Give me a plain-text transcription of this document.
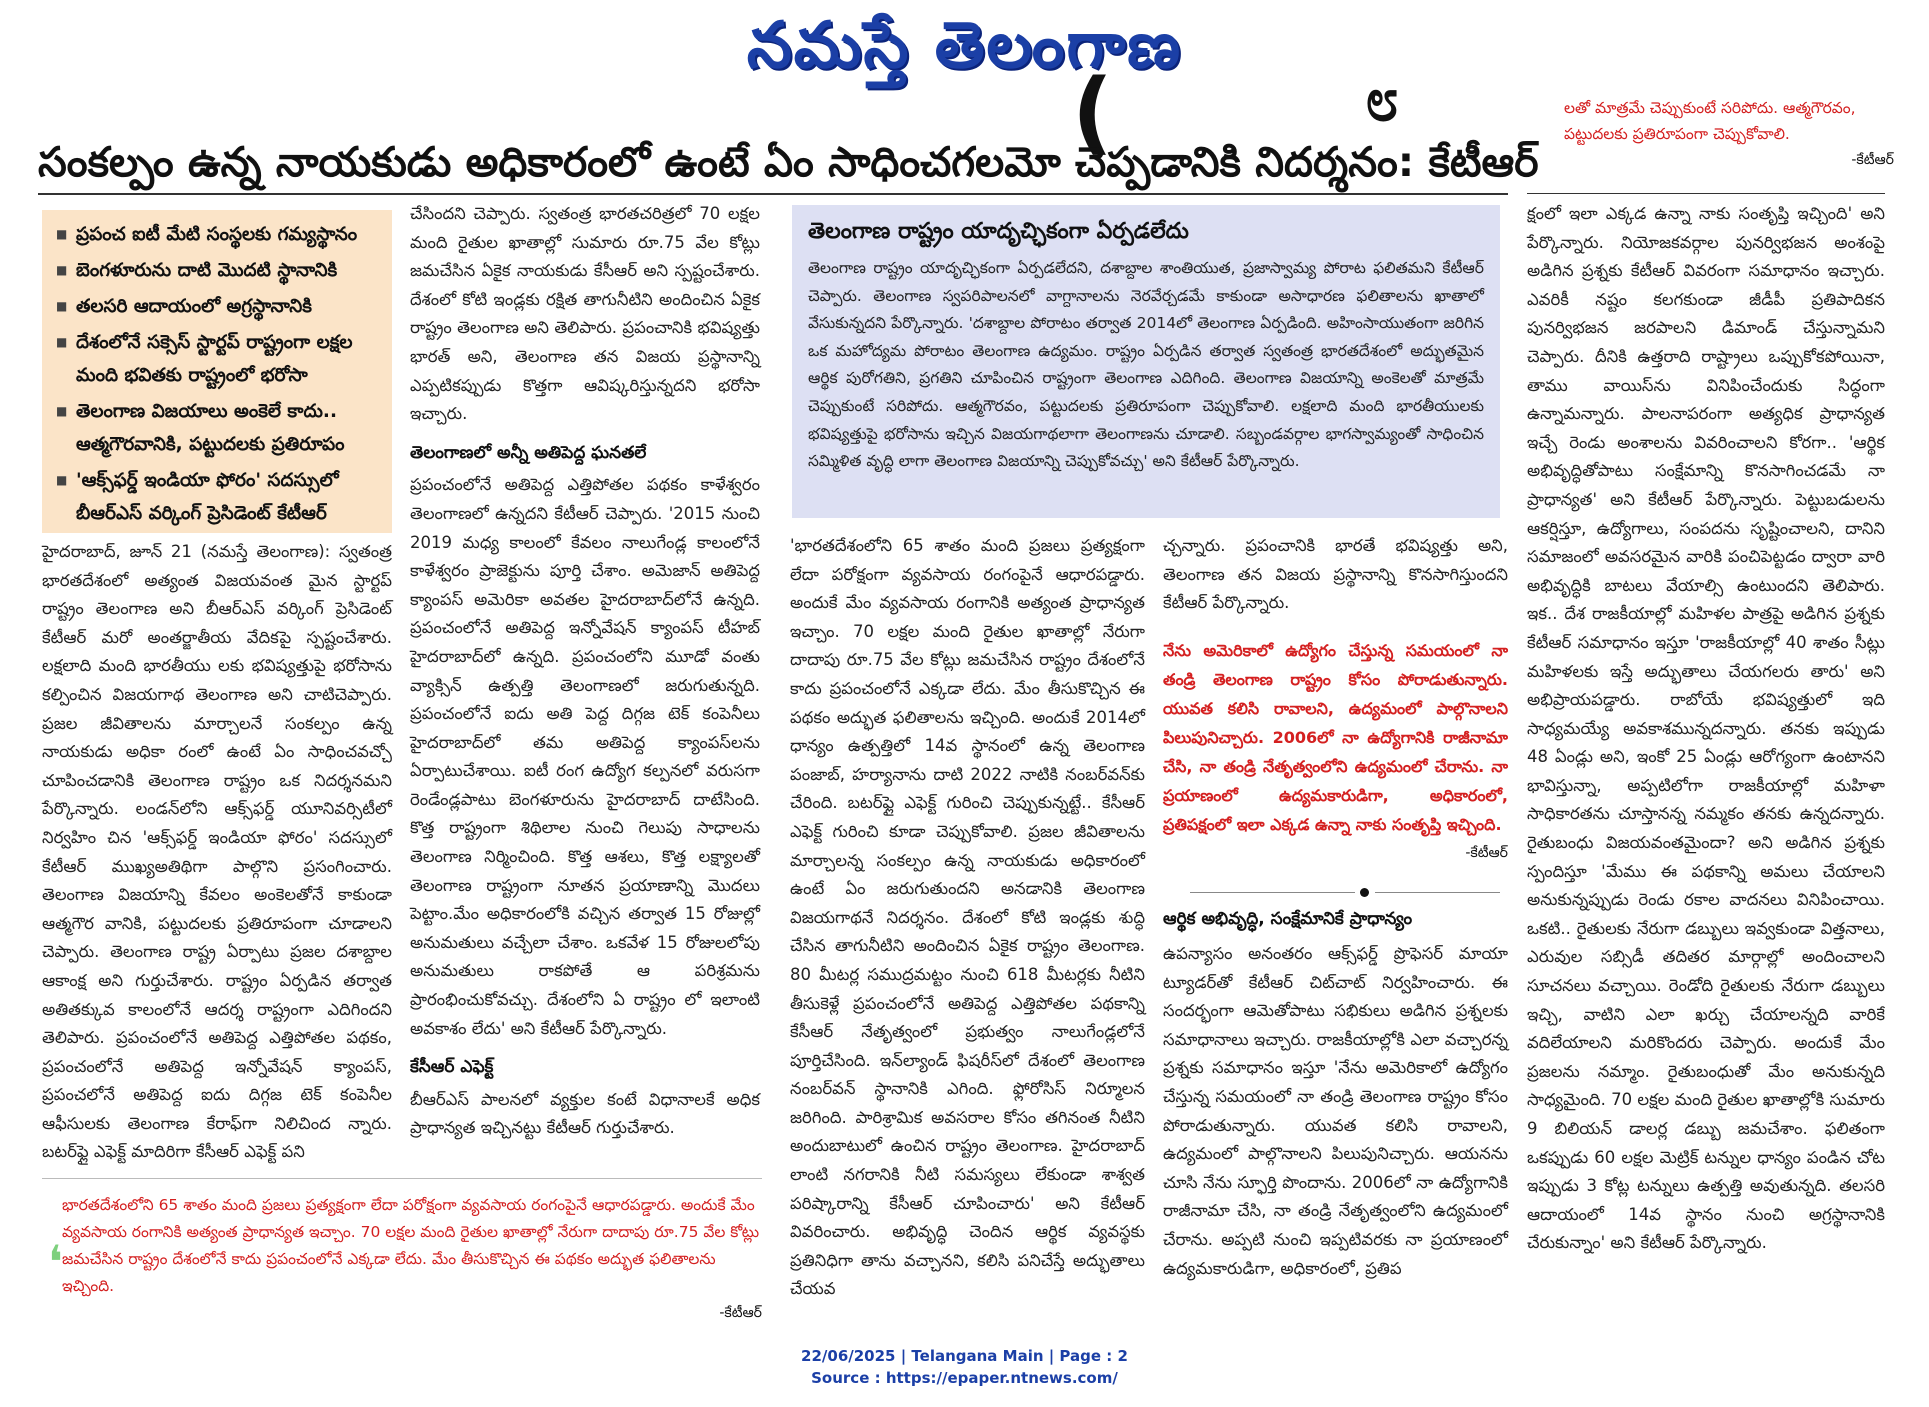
నమస్తే తెలంగాణ
(	೮
సంకల్పం ఉన్న నాయకుడు అధికారంలో ఉంటే ఏం సాధించగలమో చెప్పడానికి నిదర్శనం: కేటీఆర్
లతో మాత్రమే చెప్పుకుంటే సరిపోదు. ఆత్మగౌరవం, పట్టుదలకు ప్రతిరూపంగా చెప్పుకోవాలి.
-కేటీఆర్
■ ప్రపంచ ఐటీ మేటి సంస్థలకు గమ్యస్థానం
■ బెంగళూరును దాటి మొదటి స్థానానికి
■ తలసరి ఆదాయంలో అగ్రస్థానానికి
■ దేశంలోనే సక్సెస్ స్టార్టప్ రాష్ట్రంగా లక్షల మంది భవితకు రాష్ట్రంలో భరోసా
■ తెలంగాణ విజయాలు అంకెలే కాదు.. ఆత్మగౌరవానికి, పట్టుదలకు ప్రతిరూపం
■ 'ఆక్స్‌ఫర్డ్ ఇండియా ఫోరం' సదస్సులో బీఆర్‌ఎస్ వర్కింగ్ ప్రెసిడెంట్ కేటీఆర్
హైదరాబాద్, జూన్ 21 (నమస్తే తెలంగాణ): స్వతంత్ర భారతదేశంలో అత్యంత విజయవంత మైన స్టార్టప్ రాష్ట్రం తెలంగాణ అని బీఆర్‌ఎస్ వర్కింగ్ ప్రెసిడెంట్ కేటీఆర్ మరో అంతర్జాతీయ వేదికపై స్పష్టంచేశారు. లక్షలాది మంది భారతీయు లకు భవిష్యత్తుపై భరోసాను కల్పించిన విజయగాథ తెలంగాణ అని చాటిచెప్పారు. ప్రజల జీవితాలను మార్చాలనే సంకల్పం ఉన్న నాయకుడు అధికా రంలో ఉంటే ఏం సాధించవచ్చో చూపించడానికి తెలంగాణ రాష్ట్రం ఒక నిదర్శనమని పేర్కొన్నారు. లండన్‌లోని ఆక్స్‌ఫర్డ్ యూనివర్సిటీలో నిర్వహిం చిన 'ఆక్స్‌ఫర్డ్ ఇండియా ఫోరం' సదస్సులో కేటీఆర్ ముఖ్యఅతిథిగా పాల్గొని ప్రసంగించారు. తెలంగాణ విజయాన్ని కేవలం అంకెలతోనే కాకుండా ఆత్మగౌర వానికి, పట్టుదలకు ప్రతిరూపంగా చూడాలని చెప్పారు. తెలంగాణ రాష్ట్ర ఏర్పాటు ప్రజల దశాబ్దాల ఆకాంక్ష అని గుర్తుచేశారు. రాష్ట్రం ఏర్పడిన తర్వాత అతితక్కువ కాలంలోనే ఆదర్శ రాష్ట్రంగా ఎదిగిందని తెలిపారు. ప్రపంచంలోనే అతిపెద్ద ఎత్తిపోతల పథకం, ప్రపంచంలోనే అతిపెద్ద ఇన్నోవేషన్ క్యాంపస్, ప్రపంచలోనే అతిపెద్ద ఐదు దిగ్గజ టెక్ కంపెనీల ఆఫీసులకు తెలంగాణ కేరాఫ్‌గా నిలిచింద న్నారు. బటర్‌ఫ్లై ఎఫెక్ట్ మాదిరిగా కేసీఆర్ ఎఫెక్ట్ పని
చేసిందని చెప్పారు. స్వతంత్ర భారతచరిత్రలో 70 లక్షల మంది రైతుల ఖాతాల్లో సుమారు రూ.75 వేల కోట్లు జమచేసిన ఏకైక నాయకుడు కేసీఆర్ అని స్పష్టంచేశారు. దేశంలో కోటి ఇండ్లకు రక్షిత తాగునీటిని అందించిన ఏకైక రాష్ట్రం తెలంగాణ అని తెలిపారు. ప్రపంచానికి భవిష్యత్తు భారత్ అని, తెలంగాణ తన విజయ ప్రస్థానాన్ని ఎప్పటికప్పుడు కొత్తగా ఆవిష్కరిస్తున్నదని భరోసా ఇచ్చారు.
తెలంగాణలో అన్నీ అతిపెద్ద ఘనతలే
ప్రపంచంలోనే అతిపెద్ద ఎత్తిపోతల పథకం కాళేశ్వరం తెలంగాణలో ఉన్నదని కేటీఆర్ చెప్పారు. '2015 నుంచి 2019 మధ్య కాలంలో కేవలం నాలుగేండ్ల కాలంలోనే కాళేశ్వరం ప్రాజెక్టును పూర్తి చేశాం. అమెజాన్ అతిపెద్ద క్యాంపస్ అమెరికా అవతల హైదరాబాద్‌లోనే ఉన్నది. ప్రపంచంలోనే అతిపెద్ద ఇన్నోవేషన్ క్యాంపస్ టీహబ్ హైదరాబాద్‌లో ఉన్నది. ప్రపంచంలోని మూడో వంతు వ్యాక్సిన్ ఉత్పత్తి తెలంగాణలో జరుగుతున్నది. ప్రపంచంలోనే ఐదు అతి పెద్ద దిగ్గజ టెక్ కంపెనీలు హైదరాబాద్‌లో తమ అతిపెద్ద క్యాంపస్‌లను ఏర్పాటుచేశాయి. ఐటీ రంగ ఉద్యోగ కల్పనలో వరుసగా రెండేండ్లపాటు బెంగళూరును హైదరాబాద్ దాటేసింది. కొత్త రాష్ట్రంగా శిథిలాల నుంచి గెలుపు సాధాలను తెలంగాణ నిర్మించింది. కొత్త ఆశలు, కొత్త లక్ష్యాలతో తెలంగాణ రాష్ట్రంగా నూతన ప్రయాణాన్ని మొదలు పెట్టాం.మేం అధికారంలోకి వచ్చిన తర్వాత 15 రోజుల్లో అనుమతులు వచ్చేలా చేశాం. ఒకవేళ 15 రోజులలోపు అనుమతులు రాకపోతే ఆ పరిశ్రమను ప్రారంభించుకోవచ్చు. దేశంలోని ఏ రాష్ట్రం లో ఇలాంటి అవకాశం లేదు' అని కేటీఆర్ పేర్కొన్నారు.
కేసీఆర్ ఎఫెక్ట్
బీఆర్‌ఎస్ పాలనలో వ్యక్తుల కంటే విధానాలకే అధిక ప్రాధాన్యత ఇచ్చినట్టు కేటీఆర్ గుర్తుచేశారు.
తెలంగాణ రాష్ట్రం యాదృచ్ఛికంగా ఏర్పడలేదు
తెలంగాణ రాష్ట్రం యాదృచ్ఛికంగా ఏర్పడలేదని, దశాబ్దాల శాంతియుత, ప్రజాస్వామ్య పోరాట ఫలితమని కేటీఆర్ చెప్పారు. తెలంగాణ స్వపరిపాలనలో వాగ్దానాలను నెరవేర్చడమే కాకుండా అసాధారణ ఫలితాలను ఖాతాలో వేసుకున్నదని పేర్కొన్నారు. 'దశాబ్దాల పోరాటం తర్వాత 2014లో తెలంగాణ ఏర్పడింది. అహింసాయుతంగా జరిగిన ఒక మహోద్యమ పోరాటం తెలంగాణ ఉద్యమం. రాష్ట్రం ఏర్పడిన తర్వాత స్వతంత్ర భారతదేశంలో అద్భుతమైన ఆర్థిక పురోగతిని, ప్రగతిని చూపించిన రాష్ట్రంగా తెలంగాణ ఎదిగింది. తెలంగాణ విజయాన్ని అంకెలతో మాత్రమే చెప్పుకుంటే సరిపోదు. ఆత్మగౌరవం, పట్టుదలకు ప్రతిరూపంగా చెప్పుకోవాలి. లక్షలాది మంది భారతీయులకు భవిష్యత్తుపై భరోసాను ఇచ్చిన విజయగాథలాగా తెలంగాణను చూడాలి. సబ్బండవర్గాల భాగస్వామ్యంతో సాధించిన సమ్మిళిత వృద్ధి లాగా తెలంగాణ విజయాన్ని చెప్పుకోవచ్చు' అని కేటీఆర్ పేర్కొన్నారు.
'భారతదేశంలోని 65 శాతం మంది ప్రజలు ప్రత్యక్షంగా లేదా పరోక్షంగా వ్యవసాయ రంగంపైనే ఆధారపడ్డారు. అందుకే మేం వ్యవసాయ రంగానికి అత్యంత ప్రాధాన్యత ఇచ్చాం. 70 లక్షల మంది రైతుల ఖాతాల్లో నేరుగా దాదాపు రూ.75 వేల కోట్లు జమచేసిన రాష్ట్రం దేశంలోనే కాదు ప్రపంచంలోనే ఎక్కడా లేదు. మేం తీసుకొచ్చిన ఈ పథకం అద్భుత ఫలితాలను ఇచ్చింది. అందుకే 2014లో ధాన్యం ఉత్పత్తిలో 14వ స్థానంలో ఉన్న తెలంగాణ పంజాబ్, హర్యానాను దాటి 2022 నాటికి నంబర్‌వన్‌కు చేరింది. బటర్‌ఫ్లై ఎఫెక్ట్ గురించి చెప్పుకున్నట్టే.. కేసీఆర్ ఎఫెక్ట్ గురించి కూడా చెప్పుకోవాలి. ప్రజల జీవితాలను మార్చాలన్న సంకల్పం ఉన్న నాయకుడు అధికారంలో ఉంటే ఏం జరుగుతుందని అనడానికి తెలంగాణ విజయగాథనే నిదర్శనం. దేశంలో కోటి ఇండ్లకు శుద్ధి చేసిన తాగునీటిని అందించిన ఏకైక రాష్ట్రం తెలంగాణ. 80 మీటర్ల సముద్రమట్టం నుంచి 618 మీటర్లకు నీటిని తీసుకెళ్లే ప్రపంచంలోనే అతిపెద్ద ఎత్తిపోతల పథకాన్ని కేసీఆర్ నేతృత్వంలో ప్రభుత్వం నాలుగేండ్లలోనే పూర్తిచేసింది. ఇన్‌ల్యాండ్ ఫిషరీస్‌లో దేశంలో తెలంగాణ నంబర్‌వన్ స్థానానికి ఎగింది. ఫ్లోరోసిస్ నిర్మూలన జరిగింది. పారిశ్రామిక అవసరాల కోసం తగినంత నీటిని అందుబాటులో ఉంచిన రాష్ట్రం తెలంగాణ. హైదరాబాద్ లాంటి నగరానికి నీటి సమస్యలు లేకుండా శాశ్వత పరిష్కారాన్ని కేసీఆర్ చూపించారు' అని కేటీఆర్ వివరించారు. అభివృద్ధి చెందిన ఆర్థిక వ్యవస్థకు ప్రతినిధిగా తాను వచ్చానని, కలిసి పనిచేస్తే అద్భుతాలు చేయవ
చ్చన్నారు. ప్రపంచానికి భారతే భవిష్యత్తు అని, తెలంగాణ తన విజయ ప్రస్థానాన్ని కొనసాగిస్తుందని కేటీఆర్ పేర్కొన్నారు.
నేను అమెరికాలో ఉద్యోగం చేస్తున్న సమయంలో నా తండ్రి తెలంగాణ రాష్ట్రం కోసం పోరాడుతున్నారు. యువత కలిసి రావాలని, ఉద్యమంలో పాల్గొనాలని పిలుపునిచ్చారు. 2006లో నా ఉద్యోగానికి రాజీనామా చేసి, నా తండ్రి నేతృత్వంలోని ఉద్యమంలో చేరాను. నా ప్రయాణంలో ఉద్యమకారుడిగా, అధికారంలో, ప్రతిపక్షంలో ఇలా ఎక్కడ ఉన్నా నాకు సంతృప్తి ఇచ్చింది.
-కేటీఆర్
ఆర్థిక అభివృద్ధి, సంక్షేమానికే ప్రాధాన్యం
ఉపన్యాసం అనంతరం ఆక్స్‌ఫర్డ్ ప్రొఫెసర్ మాయా ట్యూడర్‌తో కేటీఆర్ చిట్‌చాట్ నిర్వహించారు. ఈ సందర్భంగా ఆమెతోపాటు సభికులు అడిగిన ప్రశ్నలకు సమాధానాలు ఇచ్చారు. రాజకీయాల్లోకి ఎలా వచ్చారన్న ప్రశ్నకు సమాధానం ఇస్తూ 'నేను అమెరికాలో ఉద్యోగం చేస్తున్న సమయంలో నా తండ్రి తెలంగాణ రాష్ట్రం కోసం పోరాడుతున్నారు. యువత కలిసి రావాలని, ఉద్యమంలో పాల్గొనాలని పిలుపునిచ్చారు. ఆయనను చూసి నేను స్ఫూర్తి పొందాను. 2006లో నా ఉద్యోగానికి రాజీనామా చేసి, నా తండ్రి నేతృత్వంలోని ఉద్యమంలో చేరాను. అప్పటి నుంచి ఇప్పటివరకు నా ప్రయాణంలో ఉద్యమకారుడిగా, అధికారంలో, ప్రతిప
క్షంలో ఇలా ఎక్కడ ఉన్నా నాకు సంతృప్తి ఇచ్చింది' అని పేర్కొన్నారు. నియోజకవర్గాల పునర్విభజన అంశంపై అడిగిన ప్రశ్నకు కేటీఆర్ వివరంగా సమాధానం ఇచ్చారు. ఎవరికీ నష్టం కలగకుండా జీడీపీ ప్రతిపాదికన పునర్విభజన జరపాలని డిమాండ్ చేస్తున్నామని చెప్పారు. దీనికి ఉత్తరాది రాష్ట్రాలు ఒప్పుకోకపోయినా, తాము వాయిస్‌ను వినిపించేందుకు సిద్ధంగా ఉన్నామన్నారు. పాలనాపరంగా అత్యధిక ప్రాధాన్యత ఇచ్చే రెండు అంశాలను వివరించాలని కోరగా.. 'ఆర్థిక అభివృద్ధితోపాటు సంక్షేమాన్ని కొనసాగించడమే నా ప్రాధాన్యత' అని కేటీఆర్ పేర్కొన్నారు. పెట్టుబడులను ఆకర్షిస్తూ, ఉద్యోగాలు, సంపదను సృష్టించాలని, దానిని సమాజంలో అవసరమైన వారికి పంచిపెట్టడం ద్వారా వారి అభివృద్ధికి బాటలు వేయాల్సి ఉంటుందని తెలిపారు. ఇక.. దేశ రాజకీయాల్లో మహిళల పాత్రపై అడిగిన ప్రశ్నకు కేటీఆర్ సమాధానం ఇస్తూ 'రాజకీయాల్లో 40 శాతం సీట్లు మహిళలకు ఇస్తే అద్భుతాలు చేయగలరు తారు' అని అభిప్రాయపడ్డారు. రాబోయే భవిష్యత్తులో ఇది సాధ్యమయ్యే అవకాశమున్నదన్నారు. తనకు ఇప్పుడు 48 ఏండ్లు అని, ఇంకో 25 ఏండ్లు ఆరోగ్యంగా ఉంటానని భావిస్తున్నా, అప్పటిలోగా రాజకీయాల్లో మహిళా సాధికారతను చూస్తానన్న నమ్మకం తనకు ఉన్నదన్నారు. రైతుబంధు విజయవంతమైందా? అని అడిగిన ప్రశ్నకు స్పందిస్తూ 'మేము ఈ పథకాన్ని అమలు చేయాలని అనుకున్నప్పుడు రెండు రకాల వాదనలు వినిపించాయి. ఒకటి.. రైతులకు నేరుగా డబ్బులు ఇవ్వకుండా విత్తనాలు, ఎరువుల సబ్సిడీ తదితర మార్గాల్లో అందించాలని సూచనలు వచ్చాయి. రెండోది రైతులకు నేరుగా డబ్బులు ఇచ్చి, వాటిని ఎలా ఖర్చు చేయాలన్నది వారికే వదిలేయాలని మరికొందరు చెప్పారు. అందుకే మేం ప్రజలను నమ్మాం. రైతుబంధుతో మేం అనుకున్నది సాధ్యమైంది. 70 లక్షల మంది రైతుల ఖాతాల్లోకి సుమారు 9 బిలియన్ డాలర్ల డబ్బు జమచేశాం. ఫలితంగా ఒకప్పుడు 60 లక్షల మెట్రిక్ టన్నుల ధాన్యం పండిన చోట ఇప్పుడు 3 కోట్ల టన్నులు ఉత్పత్తి అవుతున్నది. తలసరి ఆదాయంలో 14వ స్థానం నుంచి అగ్రస్థానానికి చేరుకున్నాం' అని కేటీఆర్ పేర్కొన్నారు.
❛
భారతదేశంలోని 65 శాతం మంది ప్రజలు ప్రత్యక్షంగా లేదా పరోక్షంగా వ్యవసాయ రంగంపైనే ఆధారపడ్డారు. అందుకే మేం వ్యవసాయ రంగానికి అత్యంత ప్రాధాన్యత ఇచ్చాం. 70 లక్షల మంది రైతుల ఖాతాల్లో నేరుగా దాదాపు రూ.75 వేల కోట్లు జమచేసిన రాష్ట్రం దేశంలోనే కాదు ప్రపంచంలోనే ఎక్కడా లేదు. మేం తీసుకొచ్చిన ఈ పథకం అద్భుత ఫలితాలను ఇచ్చింది.
-కేటీఆర్
22/06/2025 | Telangana Main | Page : 2
Source : https://epaper.ntnews.com/
